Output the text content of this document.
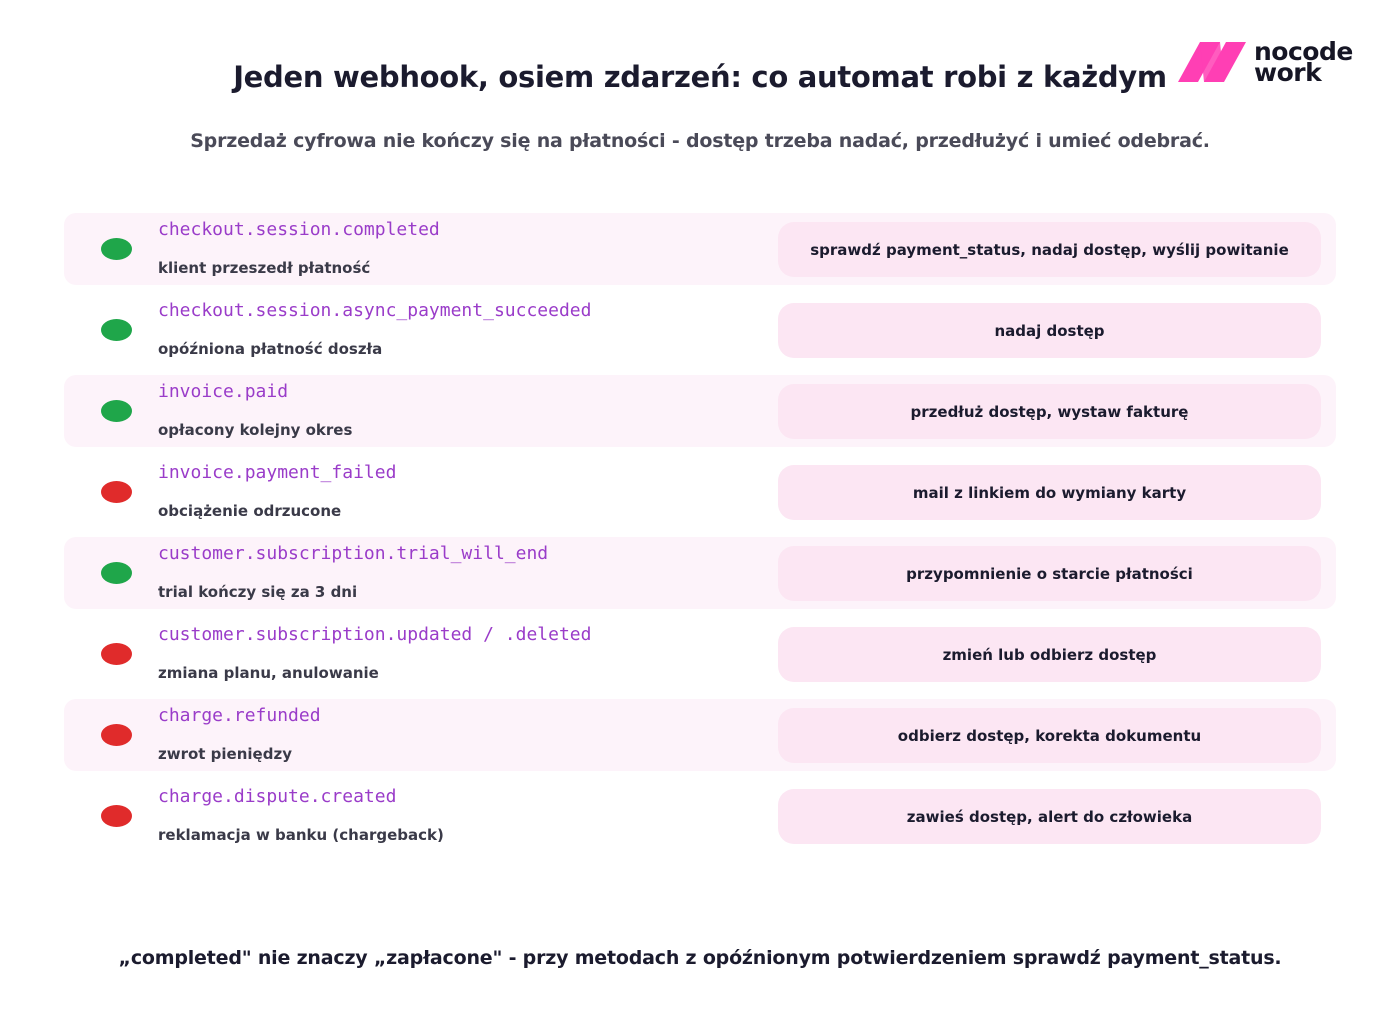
nocode
work
Jeden webhook, osiem zdarzeń: co automat robi z każdym
Sprzedaż cyfrowa nie kończy się na płatności - dostęp trzeba nadać, przedłużyć i umieć odebrać.
checkout.session.completed
klient przeszedł płatność
sprawdź payment_status, nadaj dostęp, wyślij powitanie
checkout.session.async_payment_succeeded
opóźniona płatność doszła
nadaj dostęp
invoice.paid
opłacony kolejny okres
przedłuż dostęp, wystaw fakturę
invoice.payment_failed
obciążenie odrzucone
mail z linkiem do wymiany karty
customer.subscription.trial_will_end
trial kończy się za 3 dni
przypomnienie o starcie płatności
customer.subscription.updated / .deleted
zmiana planu, anulowanie
zmień lub odbierz dostęp
charge.refunded
zwrot pieniędzy
odbierz dostęp, korekta dokumentu
charge.dispute.created
reklamacja w banku (chargeback)
zawieś dostęp, alert do człowieka
„completed" nie znaczy „zapłacone" - przy metodach z opóźnionym potwierdzeniem sprawdź payment_status.
